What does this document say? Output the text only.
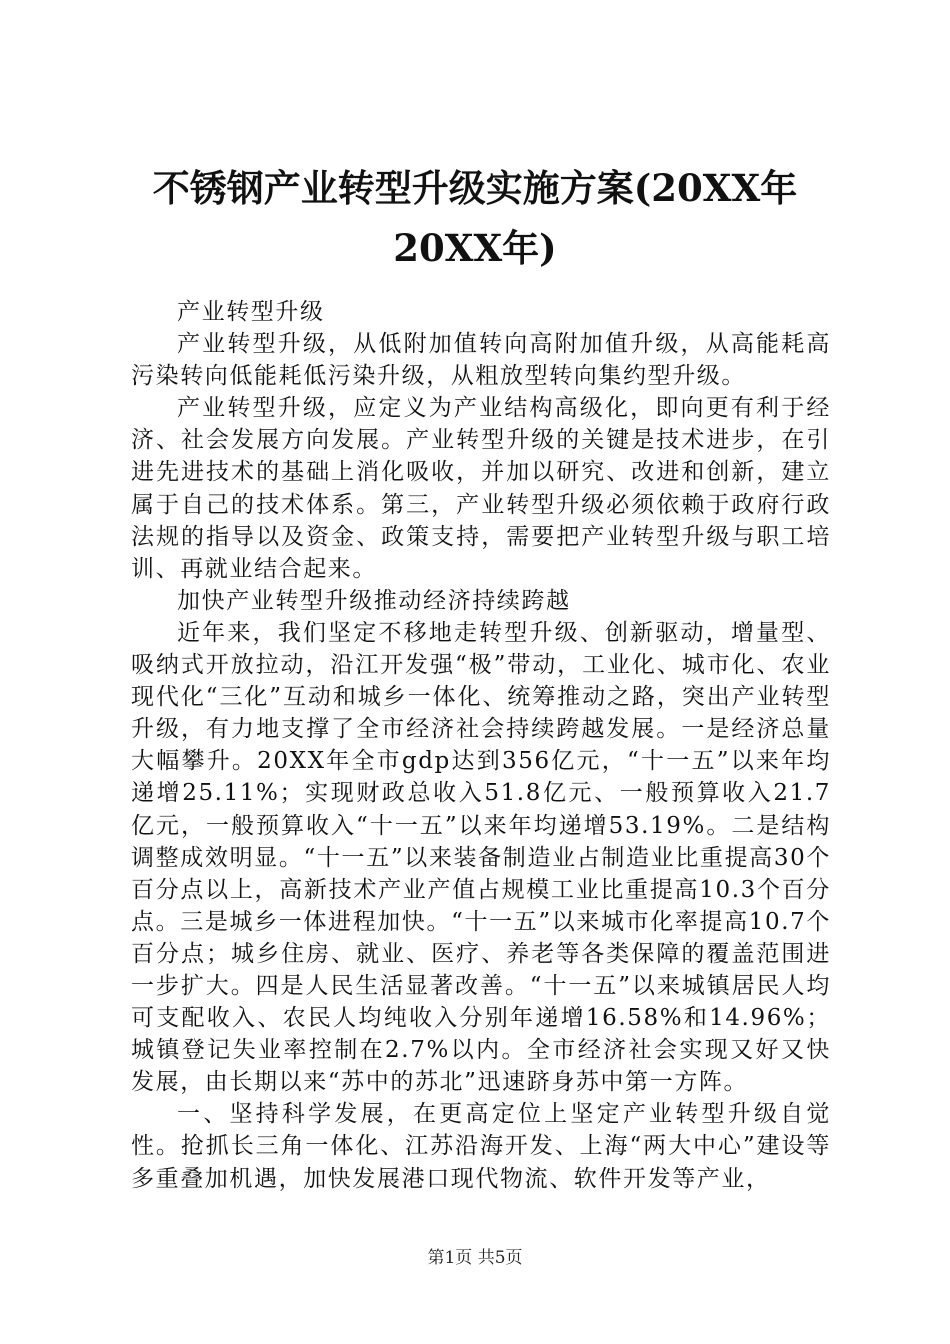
不锈钢产业转型升级实施方案(20XX年20XX年)

产业转型升级

产业转型升级，从低附加值转向高附加值升级，从高能耗高污染转向低能耗低污染升级，从粗放型转向集约型升级。

产业转型升级，应定义为产业结构高级化，即向更有利于经济、社会发展方向发展。产业转型升级的关键是技术进步，在引进先进技术的基础上消化吸收，并加以研究、改进和创新，建立属于自己的技术体系。第三，产业转型升级必须依赖于政府行政法规的指导以及资金、政策支持，需要把产业转型升级与职工培训、再就业结合起来。

加快产业转型升级推动经济持续跨越

近年来，我们坚定不移地走转型升级、创新驱动，增量型、吸纳式开放拉动，沿江开发强“极”带动，工业化、城市化、农业现代化“三化”互动和城乡一体化、统筹推动之路，突出产业转型升级，有力地支撑了全市经济社会持续跨越发展。一是经济总量大幅攀升。20XX年全市gdp达到356亿元，“十一五”以来年均递增25.11%；实现财政总收入51.8亿元、一般预算收入21.7亿元，一般预算收入“十一五”以来年均递增53.19%。二是结构调整成效明显。“十一五”以来装备制造业占制造业比重提高30个百分点以上，高新技术产业产值占规模工业比重提高10.3个百分点。三是城乡一体进程加快。“十一五”以来城市化率提高10.7个百分点；城乡住房、就业、医疗、养老等各类保障的覆盖范围进一步扩大。四是人民生活显著改善。“十一五”以来城镇居民人均可支配收入、农民人均纯收入分别年递增16.58%和14.96%；城镇登记失业率控制在2.7%以内。全市经济社会实现又好又快发展，由长期以来“苏中的苏北”迅速跻身苏中第一方阵。

一、坚持科学发展，在更高定位上坚定产业转型升级自觉性。抢抓长三角一体化、江苏沿海开发、上海“两大中心”建设等多重叠加机遇，加快发展港口现代物流、软件开发等产业，

第1页 共5页
